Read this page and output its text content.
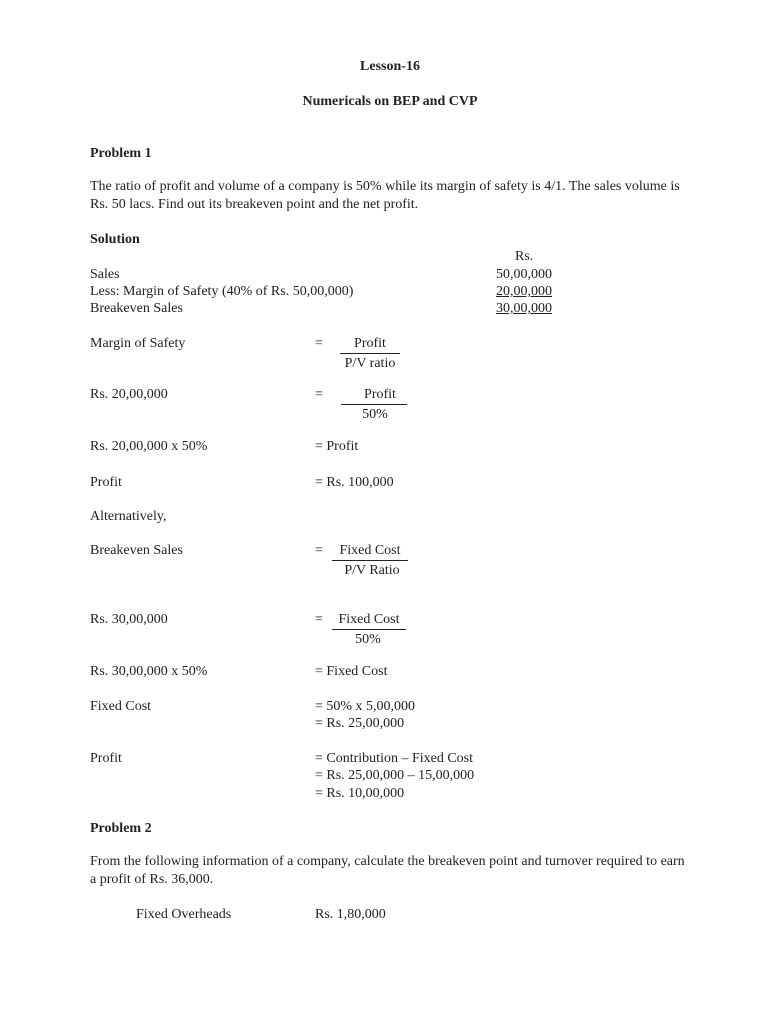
Lesson-16
Numericals on BEP and CVP
Problem 1
The ratio of profit and volume of a company is 50% while its margin of safety is 4/1. The sales volume is Rs. 50 lacs. Find out its breakeven point and the net profit.
Solution
Rs.
Sales	50,00,000
Less: Margin of Safety (40% of Rs. 50,00,000)	20,00,000
Breakeven Sales	30,00,000
Margin of Safety	=	Profit
P/V ratio
Rs. 20,00,000	=	Profit
50%
Rs. 20,00,000 x 50%	= Profit
Profit	= Rs. 100,000
Alternatively,
Breakeven Sales	=	Fixed Cost
P/V Ratio
Rs. 30,00,000	=	Fixed Cost
50%
Rs. 30,00,000 x 50%	= Fixed Cost
Fixed Cost	= 50% x 5,00,000
= Rs. 25,00,000
Profit	= Contribution – Fixed Cost
= Rs. 25,00,000 – 15,00,000
= Rs. 10,00,000
Problem 2
From the following information of a company, calculate the breakeven point and turnover required to earn a profit of Rs. 36,000.
Fixed Overheads	Rs. 1,80,000
